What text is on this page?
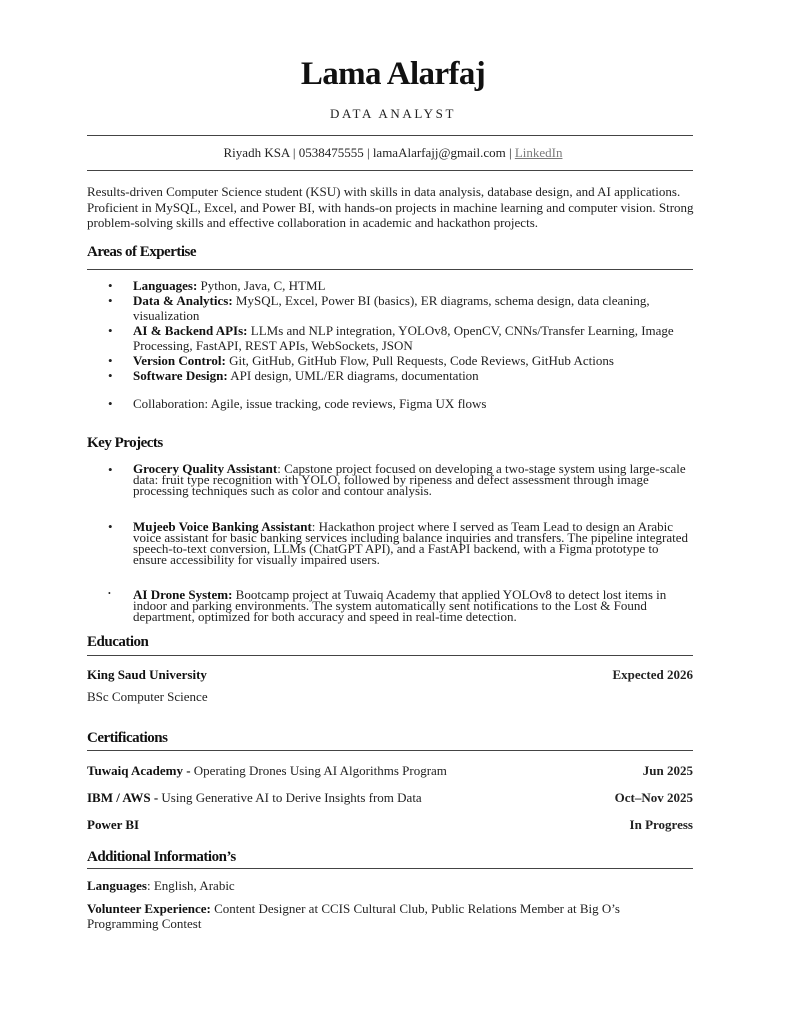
Lama Alarfaj
DATA ANALYST
Riyadh KSA | 0538475555 | lamaAlarfajj@gmail.com | LinkedIn
Results-driven Computer Science student (KSU) with skills in data analysis, database design, and AI applications. Proficient in MySQL, Excel, and Power BI, with hands-on projects in machine learning and computer vision. Strong problem-solving skills and effective collaboration in academic and hackathon projects.
Areas of Expertise
• Languages: Python, Java, C, HTML
• Data & Analytics: MySQL, Excel, Power BI (basics), ER diagrams, schema design, data cleaning, visualization
• AI & Backend APIs: LLMs and NLP integration, YOLOv8, OpenCV, CNNs/Transfer Learning, Image Processing, FastAPI, REST APIs, WebSockets, JSON
• Version Control: Git, GitHub, GitHub Flow, Pull Requests, Code Reviews, GitHub Actions
• Software Design: API design, UML/ER diagrams, documentation
• Collaboration: Agile, issue tracking, code reviews, Figma UX flows
Key Projects
• Grocery Quality Assistant: Capstone project focused on developing a two-stage system using large-scale data: fruit type recognition with YOLO, followed by ripeness and defect assessment through image processing techniques such as color and contour analysis.
• Mujeeb Voice Banking Assistant: Hackathon project where I served as Team Lead to design an Arabic voice assistant for basic banking services including balance inquiries and transfers. The pipeline integrated speech-to-text conversion, LLMs (ChatGPT API), and a FastAPI backend, with a Figma prototype to ensure accessibility for visually impaired users.
• AI Drone System: Bootcamp project at Tuwaiq Academy that applied YOLOv8 to detect lost items in indoor and parking environments. The system automatically sent notifications to the Lost & Found department, optimized for both accuracy and speed in real-time detection.
Education
King Saud University	Expected 2026
BSc Computer Science
Certifications
Tuwaiq Academy - Operating Drones Using AI Algorithms Program	Jun 2025
IBM / AWS - Using Generative AI to Derive Insights from Data	Oct–Nov 2025
Power BI	In Progress
Additional Information’s
Languages: English, Arabic
Volunteer Experience: Content Designer at CCIS Cultural Club, Public Relations Member at Big O’s Programming Contest
